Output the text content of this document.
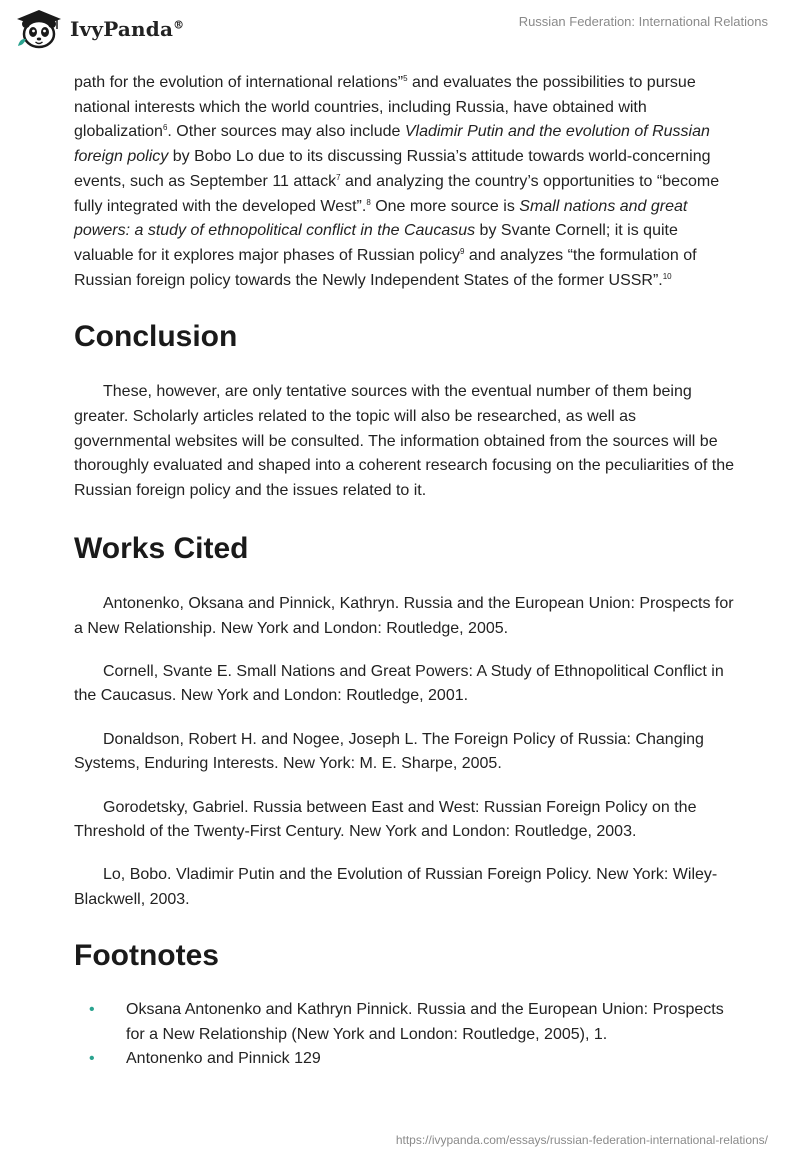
IvyPanda®	Russian Federation: International Relations

path for the evolution of international relations”$^5$ and evaluates the possibilities to pursue national interests which the world countries, including Russia, have obtained with globalization$^6$. Other sources may also include Vladimir Putin and the evolution of Russian foreign policy by Bobo Lo due to its discussing Russia’s attitude towards world-concerning events, such as September 11 attack$^7$ and analyzing the country’s opportunities to “become fully integrated with the developed West”.$^8$ One more source is Small nations and great powers: a study of ethnopolitical conflict in the Caucasus by Svante Cornell; it is quite valuable for it explores major phases of Russian policy$^9$ and analyzes “the formulation of Russian foreign policy towards the Newly Independent States of the former USSR”.$^{10}$

Conclusion

These, however, are only tentative sources with the eventual number of them being greater. Scholarly articles related to the topic will also be researched, as well as governmental websites will be consulted. The information obtained from the sources will be thoroughly evaluated and shaped into a coherent research focusing on the peculiarities of the Russian foreign policy and the issues related to it.

Works Cited

Antonenko, Oksana and Pinnick, Kathryn. Russia and the European Union: Prospects for a New Relationship. New York and London: Routledge, 2005.

Cornell, Svante E. Small Nations and Great Powers: A Study of Ethnopolitical Conflict in the Caucasus. New York and London: Routledge, 2001.

Donaldson, Robert H. and Nogee, Joseph L. The Foreign Policy of Russia: Changing Systems, Enduring Interests. New York: M. E. Sharpe, 2005.

Gorodetsky, Gabriel. Russia between East and West: Russian Foreign Policy on the Threshold of the Twenty-First Century. New York and London: Routledge, 2003.

Lo, Bobo. Vladimir Putin and the Evolution of Russian Foreign Policy. New York: Wiley-Blackwell, 2003.

Footnotes
• Oksana Antonenko and Kathryn Pinnick. Russia and the European Union: Prospects for a New Relationship (New York and London: Routledge, 2005), 1.
• Antonenko and Pinnick 129
https://ivypanda.com/essays/russian-federation-international-relations/
